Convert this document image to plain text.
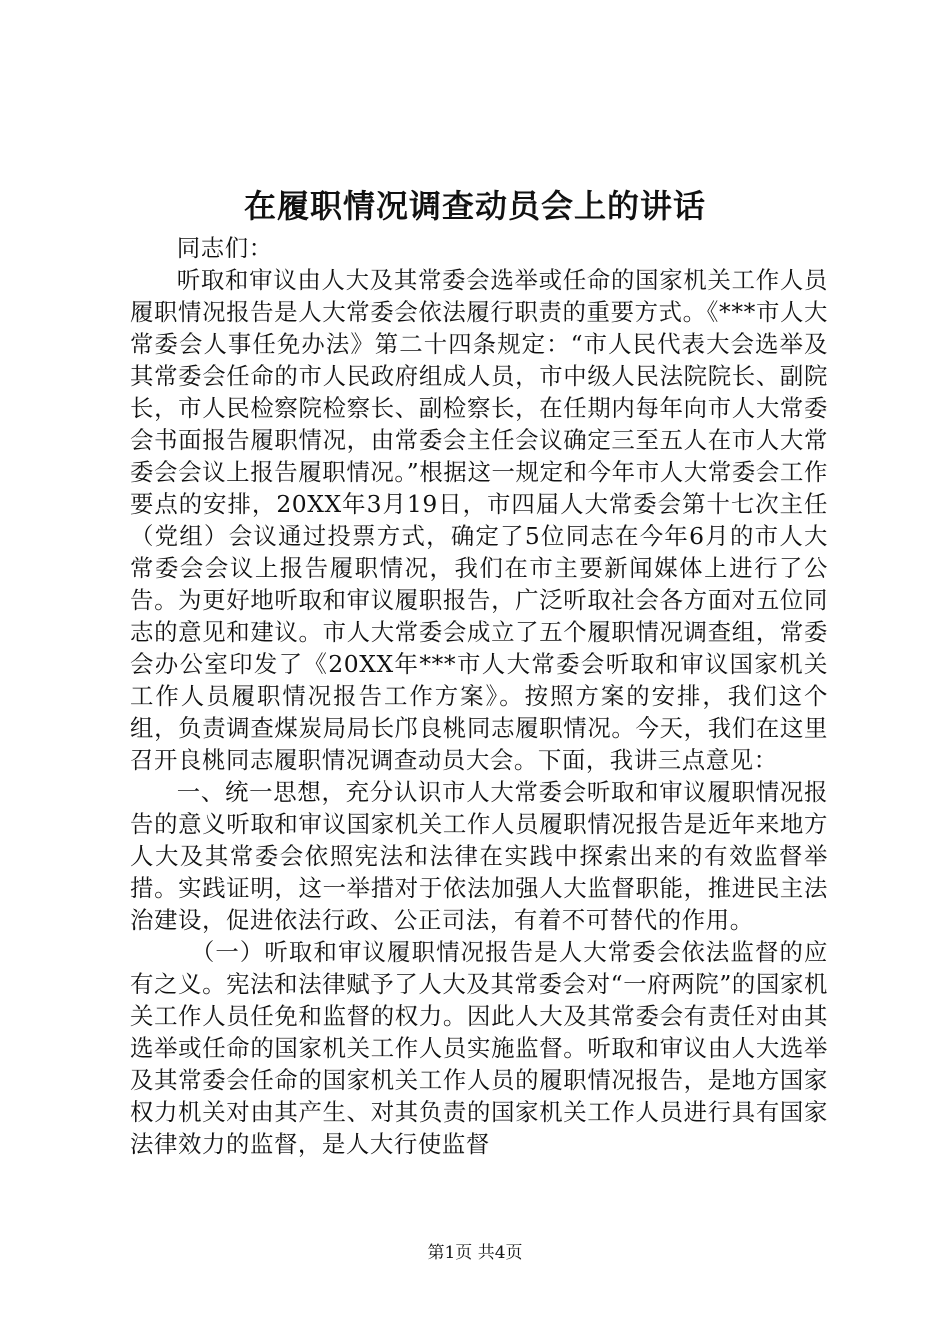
在履职情况调查动员会上的讲话

同志们：

听取和审议由人大及其常委会选举或任命的国家机关工作人员履职情况报告是人大常委会依法履行职责的重要方式。《***市人大常委会人事任免办法》第二十四条规定：“市人民代表大会选举及其常委会任命的市人民政府组成人员，市中级人民法院院长、副院长，市人民检察院检察长、副检察长，在任期内每年向市人大常委会书面报告履职情况，由常委会主任会议确定三至五人在市人大常委会会议上报告履职情况。”根据这一规定和今年市人大常委会工作要点的安排，20XX年3月19日，市四届人大常委会第十七次主任（党组）会议通过投票方式，确定了5位同志在今年6月的市人大常委会会议上报告履职情况，我们在市主要新闻媒体上进行了公告。为更好地听取和审议履职报告，广泛听取社会各方面对五位同志的意见和建议。市人大常委会成立了五个履职情况调查组，常委会办公室印发了《20XX年***市人大常委会听取和审议国家机关工作人员履职情况报告工作方案》。按照方案的安排，我们这个组，负责调查煤炭局局长邝良桃同志履职情况。今天，我们在这里召开良桃同志履职情况调查动员大会。下面，我讲三点意见：

一、统一思想，充分认识市人大常委会听取和审议履职情况报告的意义听取和审议国家机关工作人员履职情况报告是近年来地方人大及其常委会依照宪法和法律在实践中探索出来的有效监督举措。实践证明，这一举措对于依法加强人大监督职能，推进民主法治建设，促进依法行政、公正司法，有着不可替代的作用。

（一）听取和审议履职情况报告是人大常委会依法监督的应有之义。宪法和法律赋予了人大及其常委会对“一府两院”的国家机关工作人员任免和监督的权力。因此人大及其常委会有责任对由其选举或任命的国家机关工作人员实施监督。听取和审议由人大选举及其常委会任命的国家机关工作人员的履职情况报告，是地方国家权力机关对由其产生、对其负责的国家机关工作人员进行具有国家法律效力的监督，是人大行使监督

第1页 共4页
